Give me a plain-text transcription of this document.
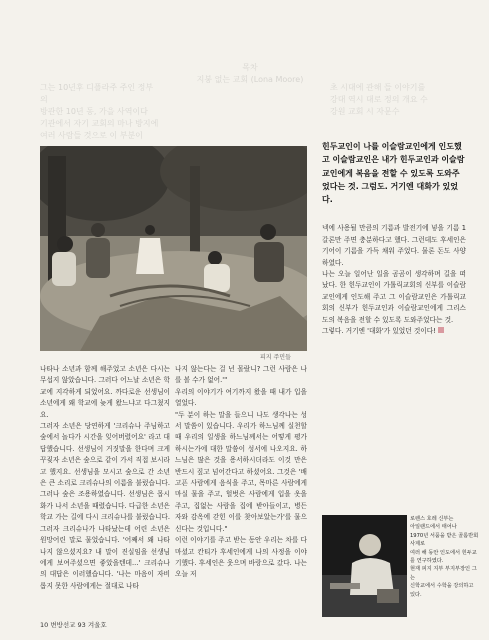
목차
지붕 없는 교회 (Lona Moore)
그는 10년후 디플라주 주인 정부의
방관한 10년 동, 가을 사역이다
기관에서 자기 교회의 마나 방지에
여러 사람들 것으로 이 부분이
초 시대에 관해 들 이야기를
강대 역시 대로 정의 개요 수
강원 교회 시 자문수
피지 주민들
힌두교인이 나를 이슬람교인에게 인도했고 이슬람교인은 내가 힌두교인과 이슬람교인에게 복음을 전할 수 있도록 도와주었다는 것. 그럼도. 거기엔 대화가 있었다.

넥에 사용될 만큼의 기름과 발전기에 넣을 기름 1갈론만 주면 충분하다고 했다. 그런데도 후세인은 기어이 기름을 가득 채워 주었다. 물론 돈도 사양하였다.
나는 오늘 일어난 일을 곰곰이 생각하며 길을 떠났다. 한 힌두교인이 가톨릭교회의 신부를 이슬람교인에게 인도해 주고 그 이슬람교인은 가톨릭교회의 신부가 힌두교인과 이슬람교인에게 그리스도의 복음을 전할 수 있도록 도와주었다는 것.
그렇다. 거기엔 '대화'가 있었던 것이다!

나타나 소년과 함께 해주었고 소년은 다시는 무섭지 않았습니다. 그러다 어느날 소년은 학교에 지각하게 되었어요. 까다로운 선생님이 소년에게 왜 학교에 늦게 왔느냐고 다그쳤지요.
그러자 소년은 당연하게 '크리슈나 주님하고 숲에서 놀다가 시간을 잊어버렸어요' 라고 대답했습니다. 선생님이 거짓말을 한다며 크게 꾸짖자 소년은 숲으로 같이 가서 직접 보시라고 했지요. 선생님을 모시고 숲으로 간 소년은 큰 소리로 크리슈나의 이름을 불렀습니다. 그러나 숲은 조용하였습니다. 선생님은 몹시 화가 나서 소년을 때렸습니다. 다급한 소년은 학교 가는 길에 다시 크리슈나를 불렀습니다. 그러자 크리슈나가 나타났는데 어린 소년은 원망어린 말로 물었습니다. '어째서 왜 나타나지 않으셨지요? 내 말이 진실임을 선생님에게 보여주셨으면 좋았을텐데...' 크리슈나의 대답은 이러했습니다. '나는 마음이 자비롭지 못한 사람에게는 절대로 나타
나지 않는다는 걸 넌 몰랐니? 그런 사람은 나를 볼 수가 없어.'"
우리의 이야기가 여기까지 왔을 때 내가 입을 열었다.
"두 분이 하는 말을 들으니 나도 생각나는 성서 말씀이 있습니다. 우리가 하느님께 실천할 때 우리의 일생을 하느님께서는 어떻게 평가하시는가에 대한 말씀이 성서에 나오지요. 하느님은 많은 것을 용서하시더라도 이것 만은 반드시 짚고 넘어간다고 하셨어요. 그것은 '배고픈 사람에게 음식을 주고, 목마른 사람에게 마실 물을 주고, 헐벗은 사람에게 입을 옷을 주고, 집없는 사람을 집에 받아들이고, 병든 자와 감옥에 갇힌 이를 찾아보았는가'를 물으신다는 것입니다."
이런 이야기를 주고 받는 동안 우리는 차를 다 마셨고 칸티가 후세인에게 나의 사정을 이야기했다. 후세인은 웃으며 바랑으로 갔다. 나는 오늘 저
로렌스 호레 신부는
아일랜드에서 태어나
1970년 서품을 받은 골롬반회 사제로
여러 해 동안 인도에서 힌두교를 연구하였다.
현재 피지 지부 부지부장인 그는
신학교에서 수학을 강의하고 있다.
10 변방선교 93 겨울호
